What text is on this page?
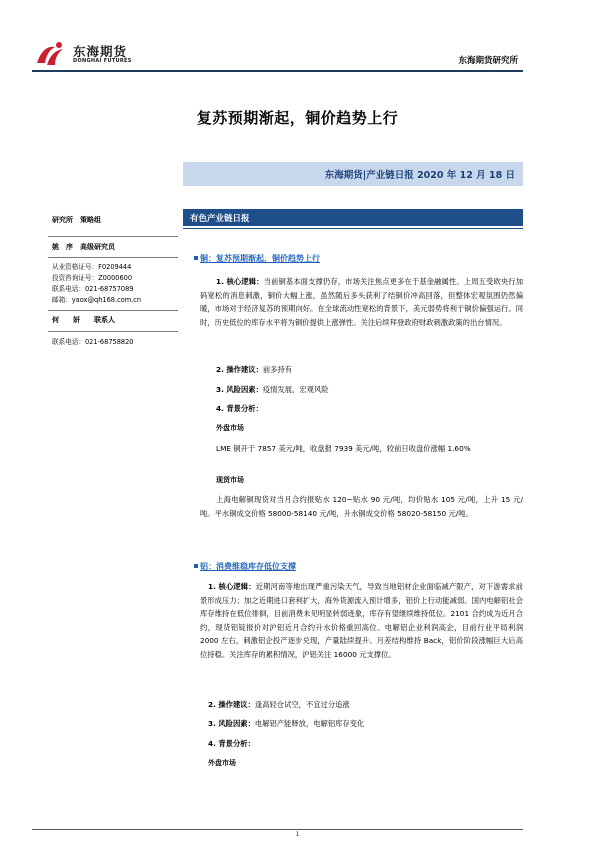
东海期货
DONGHAI FUTURES	东海期货研究所
复苏预期渐起，铜价趋势上行
东海期货|产业链日报 2020 年 12 月 18 日
研究所　策略组
姚　序　高级研究员
从业资格证号：F0209444
投资咨询证号：Z0000600
联系电话：021-68757089
邮箱：yaox@qh168.com.cn
何　　妍　　联系人
联系电话：021-68758820
有色产业链日报
铜：复苏预期渐起，铜价趋势上行
1. 核心逻辑：当前铜基本面支撑仍存，市场关注焦点更多在于基金融属性。上周五受欧央行加码宽松的消息刺激，铜价大幅上涨，虽然随后多头获利了结铜价冲高回落，但整体宏观氛围仍然偏暖，市场对于经济复苏的预期向好。在全球流动性宽松的背景下，美元弱势将利于铜价偏强运行。同时，历史低位的库存水平将为铜价提供上涨弹性。关注后续拜登政府财政刺激政策的出台情况。
2. 操作建议：前多持有
3. 风险因素：疫情发展、宏观风险
4. 背景分析：
外盘市场
LME 铜开于 7857 美元/吨，收盘报 7939 美元/吨，较前日收盘价涨幅 1.60%
现货市场
上海电解铜现货对当月合约报贴水 120~贴水 90 元/吨，均价贴水 105 元/吨，上升 15 元/吨。平水铜成交价格 58000-58140 元/吨，升水铜成交价格 58020-58150 元/吨。
铝：消费维稳库存低位支撑
1. 核心逻辑：近期河南等地出现严重污染天气，导致当地铝材企业面临减产限产，对下游需求前景形成压力；加之近期进口套利扩大，海外货源流入预计增多，铝价上行动能减弱。国内电解铝社会库存维持在低位徘徊，目前消费未见明显转弱迹象，库存有望继续维持低位。2101 合约成为近月合约，现货铝锭报价对沪铝近月合约升水价格重回高位。电解铝企业利润高企，目前行业平局利润 2000 左右，刺激铝企投产逐步兑现，产量陆续提升。月差结构维持 Back，铝价阶段涨幅巨大后高位持稳。关注库存的累积情况，沪铝关注 16000 元支撑位。
2. 操作建议：逢高轻仓试空，不宜过分追涨
3. 风险因素：电解铝产能释放，电解铝库存变化
4. 背景分析：
外盘市场
1
